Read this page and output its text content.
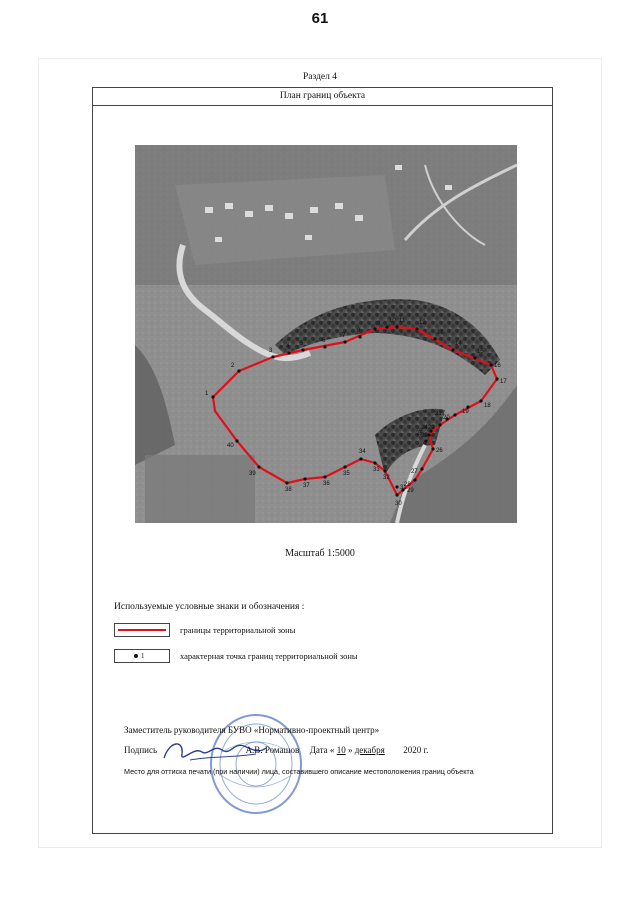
61
Раздел 4
План границ объекта
1
2
3
4 5	6
7
8
9 10 11 12
13
14
15
16
17
18
19
20
21
22
23
24
25
26
27
28
29
30
31
32
33
34
35
36
37
38
39
40
Масштаб 1:5000
Используемые условные знаки и обозначения :
границы территориальной зоны
1	характерная точка границ территориальной зоны
Заместитель руководителя БУВО «Нормативно-проектный центр»
Подпись	А.В. Ромашов Дата « 10 » декабря 2020 г.
Место для оттиска печати (при наличии) лица, составившего описание местоположения границ объекта
